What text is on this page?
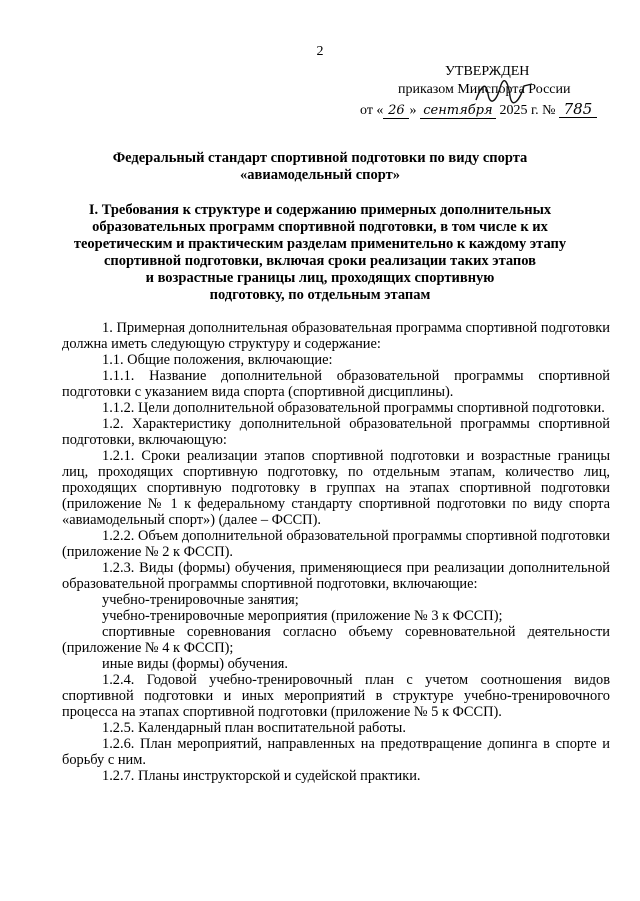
2
УТВЕРЖДЕН
приказом Минспорта России
от « 26 » сентября 2025 г. № 785
Федеральный стандарт спортивной подготовки по виду спорта
«авиамодельный спорт»
I. Требования к структуре и содержанию примерных дополнительных
образовательных программ спортивной подготовки, в том числе к их
теоретическим и практическим разделам применительно к каждому этапу
спортивной подготовки, включая сроки реализации таких этапов
и возрастные границы лиц, проходящих спортивную
подготовку, по отдельным этапам

1. Примерная дополнительная образовательная программа спортивной подготовки должна иметь следующую структуру и содержание:

1.1. Общие положения, включающие:

1.1.1. Название дополнительной образовательной программы спортивной подготовки с указанием вида спорта (спортивной дисциплины).

1.1.2. Цели дополнительной образовательной программы спортивной подготовки.

1.2. Характеристику дополнительной образовательной программы спортивной подготовки, включающую:

1.2.1. Сроки реализации этапов спортивной подготовки и возрастные границы лиц, проходящих спортивную подготовку, по отдельным этапам, количество лиц, проходящих спортивную подготовку в группах на этапах спортивной подготовки (приложение № 1 к федеральному стандарту спортивной подготовки по виду спорта «авиамодельный спорт») (далее – ФССП).

1.2.2. Объем дополнительной образовательной программы спортивной подготовки (приложение № 2 к ФССП).

1.2.3. Виды (формы) обучения, применяющиеся при реализации дополнительной образовательной программы спортивной подготовки, включающие:

учебно-тренировочные занятия;

учебно-тренировочные мероприятия (приложение № 3 к ФССП);

спортивные соревнования согласно объему соревновательной деятельности (приложение № 4 к ФССП);

иные виды (формы) обучения.

1.2.4. Годовой учебно-тренировочный план с учетом соотношения видов спортивной подготовки и иных мероприятий в структуре учебно-тренировочного процесса на этапах спортивной подготовки (приложение № 5 к ФССП).

1.2.5. Календарный план воспитательной работы.

1.2.6. План мероприятий, направленных на предотвращение допинга в спорте и борьбу с ним.

1.2.7. Планы инструкторской и судейской практики.
